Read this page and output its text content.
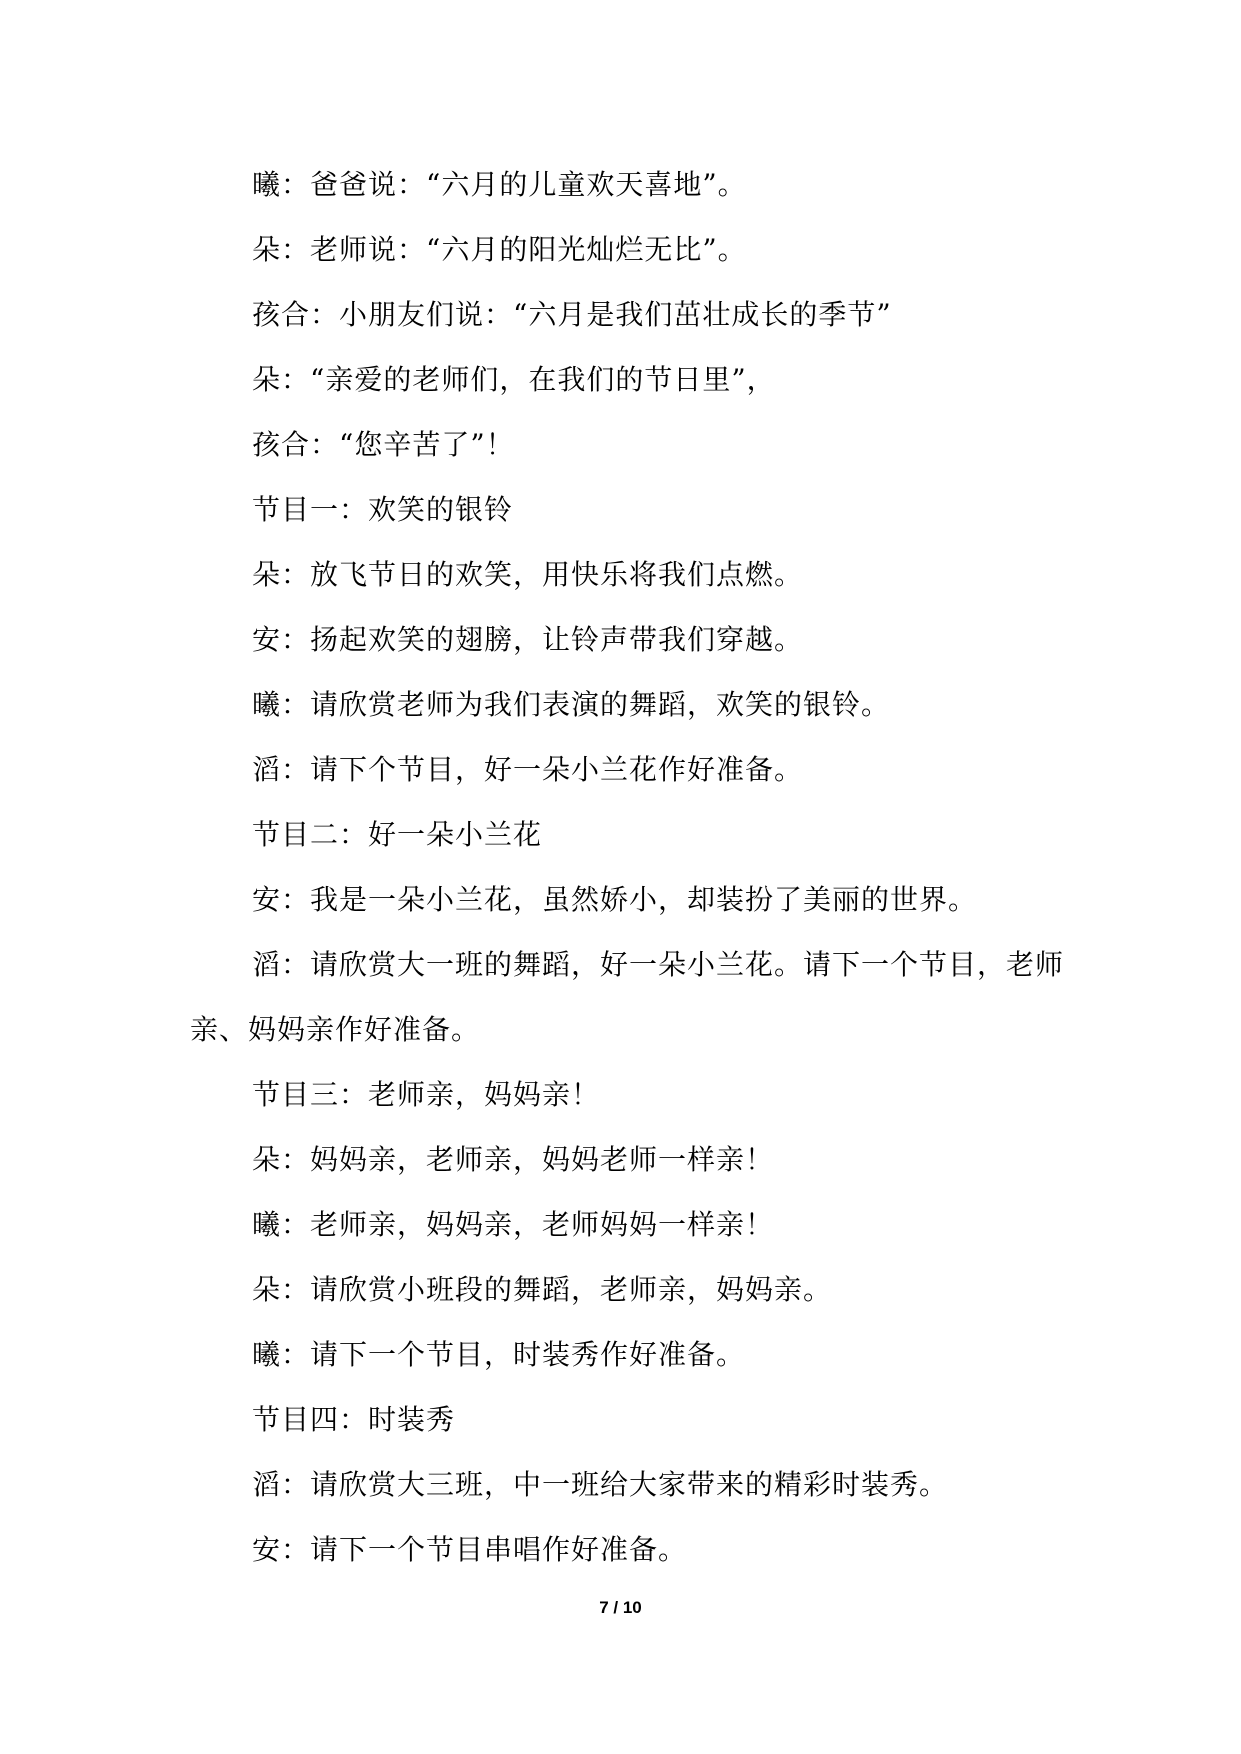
曦：爸爸说：“六月的儿童欢天喜地”。

朵：老师说：“六月的阳光灿烂无比”。

孩合：小朋友们说：“六月是我们茁壮成长的季节”

朵：“亲爱的老师们，在我们的节日里”，

孩合：“您辛苦了”！

节目一：欢笑的银铃

朵：放飞节日的欢笑，用快乐将我们点燃。

安：扬起欢笑的翅膀，让铃声带我们穿越。

曦：请欣赏老师为我们表演的舞蹈，欢笑的银铃。

滔：请下个节目，好一朵小兰花作好准备。

节目二：好一朵小兰花

安：我是一朵小兰花，虽然娇小，却装扮了美丽的世界。

滔：请欣赏大一班的舞蹈，好一朵小兰花。请下一个节目，老师亲、妈妈亲作好准备。

节目三：老师亲，妈妈亲！

朵：妈妈亲，老师亲，妈妈老师一样亲！

曦：老师亲，妈妈亲，老师妈妈一样亲！

朵：请欣赏小班段的舞蹈，老师亲，妈妈亲。

曦：请下一个节目，时装秀作好准备。

节目四：时装秀

滔：请欣赏大三班，中一班给大家带来的精彩时装秀。

安：请下一个节目串唱作好准备。

7 / 10
